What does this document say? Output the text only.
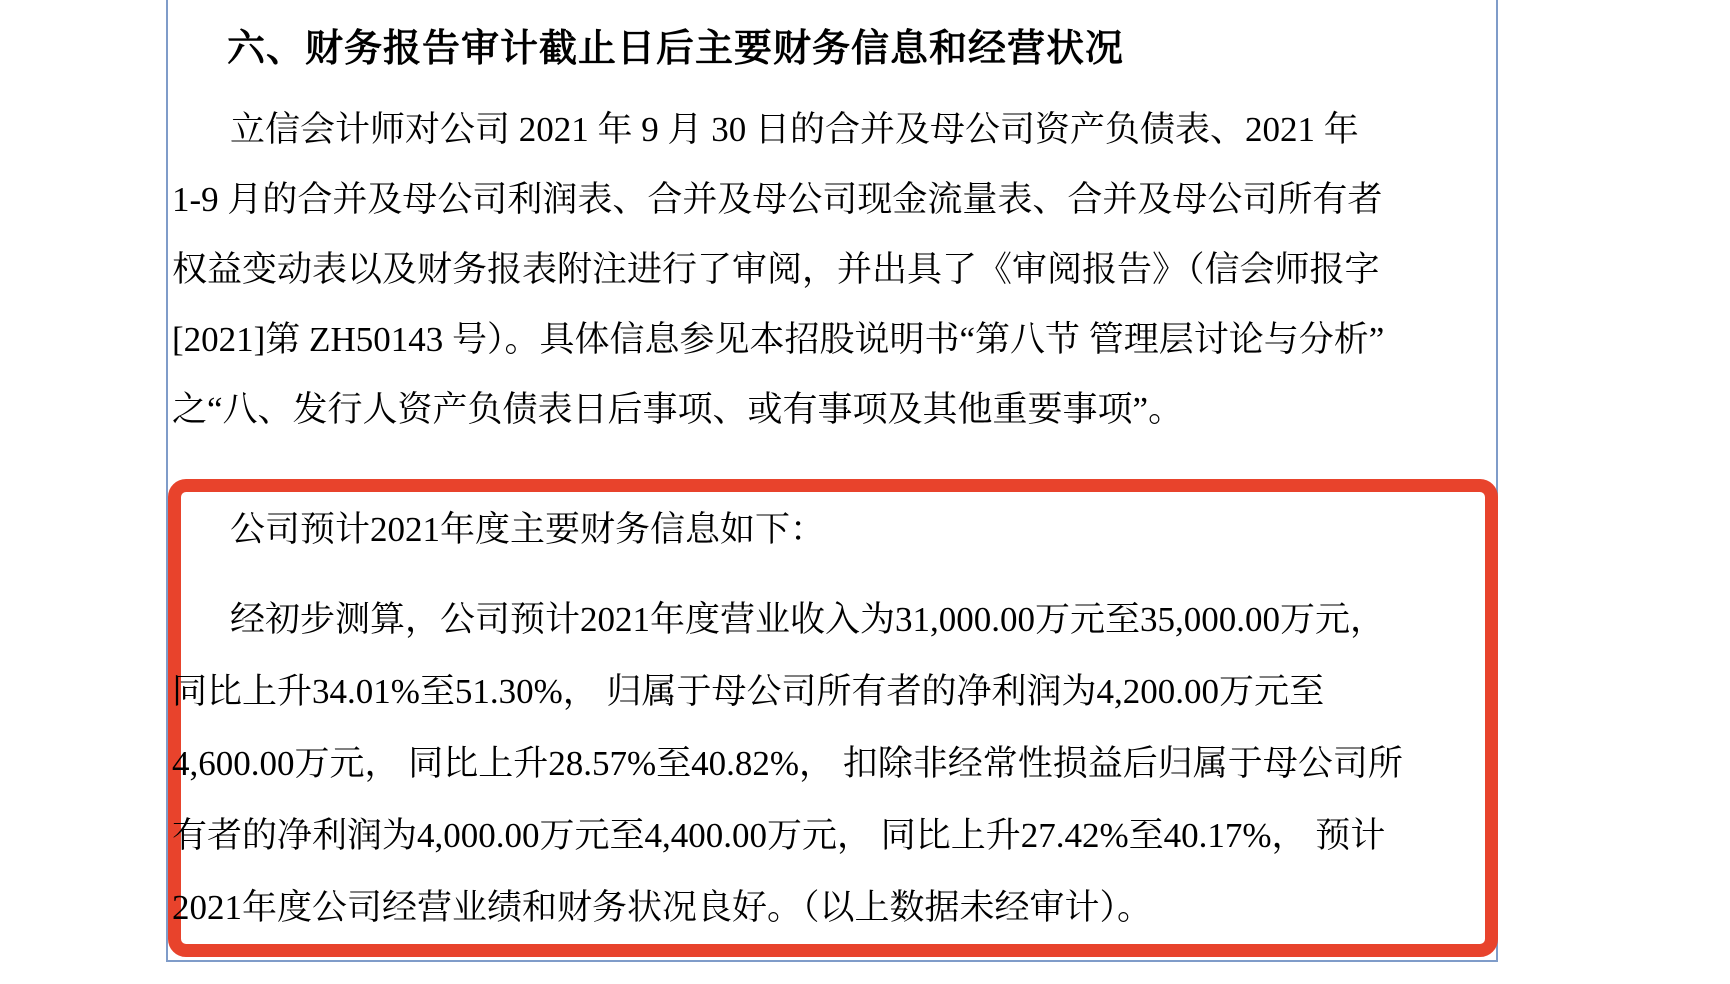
六、财务报告审计截止日后主要财务信息和经营状况
立信会计师对公司 2021 年 9 月 30 日的合并及母公司资产负债表、2021 年
1-9 月的合并及母公司利润表、合并及母公司现金流量表、合并及母公司所有者
权益变动表以及财务报表附注进行了审阅，并出具了《审阅报告》（信会师报字
[2021]第 ZH50143 号）。具体信息参见本招股说明书“第八节 管理层讨论与分析”
之“八、发行人资产负债表日后事项、或有事项及其他重要事项”。
公司预计2021年度主要财务信息如下：
经初步测算，公司预计2021年度营业收入为31,000.00万元至35,000.00万元，
同比上升34.01%至51.30%， 归属于母公司所有者的净利润为4,200.00万元至
4,600.00万元， 同比上升28.57%至40.82%， 扣除非经常性损益后归属于母公司所
有者的净利润为4,000.00万元至4,400.00万元， 同比上升27.42%至40.17%， 预计
2021年度公司经营业绩和财务状况良好。（以上数据未经审计）。
